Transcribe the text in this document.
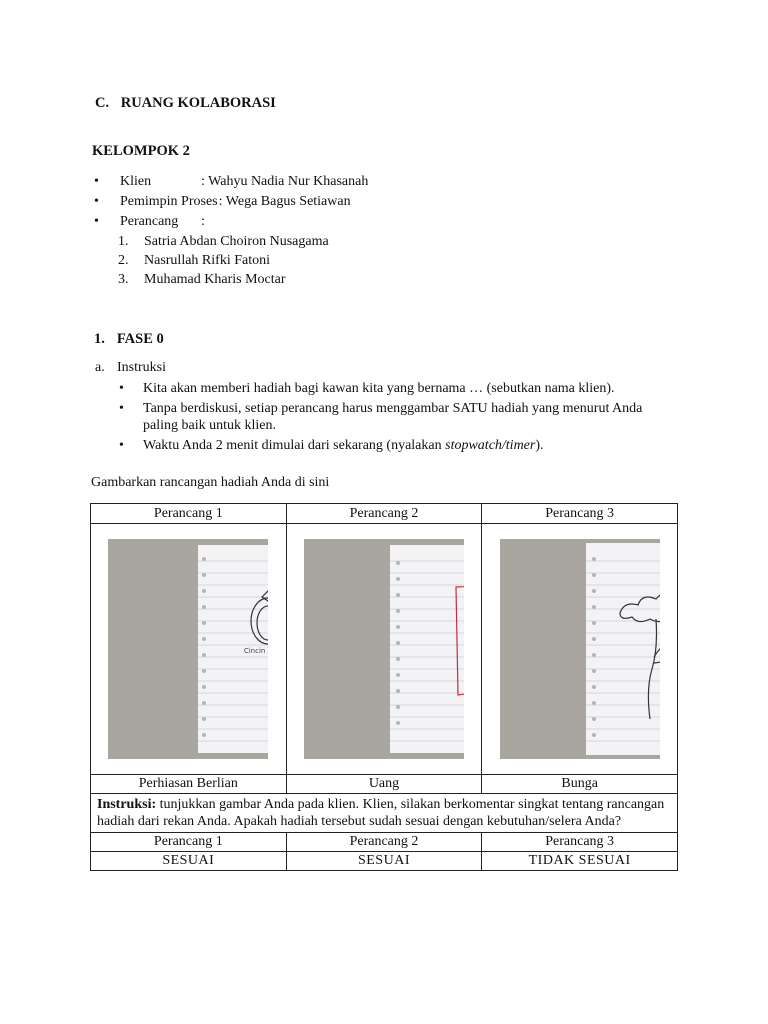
C. RUANG KOLABORASI
KELOMPOK 2
• Klien	: Wahyu Nadia Nur Khasanah
• Pemimpin Proses: Wega Bagus Setiawan
• Perancang :
1. Satria Abdan Choiron Nusagama
2. Nasrullah Rifki Fatoni
3. Muhamad Kharis Moctar
1. FASE 0
a. Instruksi
• Kita akan memberi hadiah bagi kawan kita yang bernama … (sebutkan nama klien).
• Tanpa berdiskusi, setiap perancang harus menggambar SATU hadiah yang menurut Anda paling baik untuk klien.
• Waktu Anda 2 menit dimulai dari sekarang (nyalakan stopwatch/timer).
Gambarkan rancangan hadiah Anda di sini
Perancang 1	Perancang 2	Perancang 3

Cincin Berlian	Uang

Perhiasan Berlian	Uang	Bunga
Instruksi: tunjukkan gambar Anda pada klien. Klien, silakan berkomentar singkat tentang rancangan hadiah dari rekan Anda. Apakah hadiah tersebut sudah sesuai dengan kebutuhan/selera Anda?		
Perancang 1	Perancang 2	Perancang 3
SESUAI	SESUAI	TIDAK SESUAI
